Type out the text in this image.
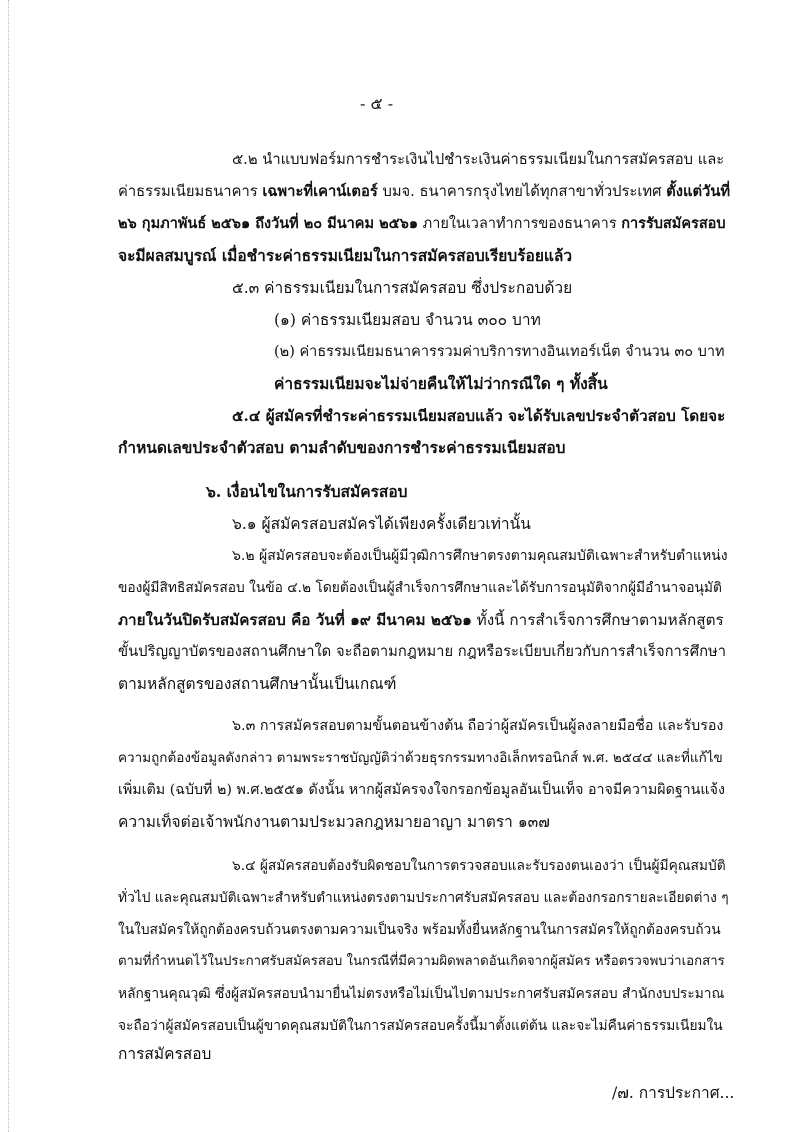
- ๕ -
๕.๒ นำแบบฟอร์มการชำระเงินไปชำระเงินค่าธรรมเนียมในการสมัครสอบ และ
ค่าธรรมเนียมธนาคาร เฉพาะที่เคาน์เตอร์ บมจ. ธนาคารกรุงไทยได้ทุกสาขาทั่วประเทศ ตั้งแต่วันที่
๒๖ กุมภาพันธ์ ๒๕๖๑ ถึงวันที่ ๒๐ มีนาคม ๒๕๖๑ ภายในเวลาทำการของธนาคาร การรับสมัครสอบ
จะมีผลสมบูรณ์ เมื่อชำระค่าธรรมเนียมในการสมัครสอบเรียบร้อยแล้ว
๕.๓ ค่าธรรมเนียมในการสมัครสอบ ซึ่งประกอบด้วย
(๑) ค่าธรรมเนียมสอบ จำนวน ๓๐๐ บาท
(๒) ค่าธรรมเนียมธนาคารรวมค่าบริการทางอินเทอร์เน็ต จำนวน ๓๐ บาท
ค่าธรรมเนียมจะไม่จ่ายคืนให้ไม่ว่ากรณีใด ๆ ทั้งสิ้น
๕.๔ ผู้สมัครที่ชำระค่าธรรมเนียมสอบแล้ว จะได้รับเลขประจำตัวสอบ โดยจะ
กำหนดเลขประจำตัวสอบ ตามลำดับของการชำระค่าธรรมเนียมสอบ
๖. เงื่อนไขในการรับสมัครสอบ
๖.๑ ผู้สมัครสอบสมัครได้เพียงครั้งเดียวเท่านั้น
๖.๒ ผู้สมัครสอบจะต้องเป็นผู้มีวุฒิการศึกษาตรงตามคุณสมบัติเฉพาะสำหรับตำแหน่ง
ของผู้มีสิทธิสมัครสอบ ในข้อ ๔.๒ โดยต้องเป็นผู้สำเร็จการศึกษาและได้รับการอนุมัติจากผู้มีอำนาจอนุมัติ
ภายในวันปิดรับสมัครสอบ คือ วันที่ ๑๙ มีนาคม ๒๕๖๑ ทั้งนี้ การสำเร็จการศึกษาตามหลักสูตร
ขั้นปริญญาบัตรของสถานศึกษาใด จะถือตามกฎหมาย กฎหรือระเบียบเกี่ยวกับการสำเร็จการศึกษา
ตามหลักสูตรของสถานศึกษานั้นเป็นเกณฑ์
๖.๓ การสมัครสอบตามขั้นตอนข้างต้น ถือว่าผู้สมัครเป็นผู้ลงลายมือชื่อ และรับรอง
ความถูกต้องข้อมูลดังกล่าว ตามพระราชบัญญัติว่าด้วยธุรกรรมทางอิเล็กทรอนิกส์ พ.ศ. ๒๕๔๔ และที่แก้ไข
เพิ่มเติม (ฉบับที่ ๒) พ.ศ.๒๕๕๑ ดังนั้น หากผู้สมัครจงใจกรอกข้อมูลอันเป็นเท็จ อาจมีความผิดฐานแจ้ง
ความเท็จต่อเจ้าพนักงานตามประมวลกฎหมายอาญา มาตรา ๑๓๗
๖.๔ ผู้สมัครสอบต้องรับผิดชอบในการตรวจสอบและรับรองตนเองว่า เป็นผู้มีคุณสมบัติ
ทั่วไป และคุณสมบัติเฉพาะสำหรับตำแหน่งตรงตามประกาศรับสมัครสอบ และต้องกรอกรายละเอียดต่าง ๆ
ในใบสมัครให้ถูกต้องครบถ้วนตรงตามความเป็นจริง พร้อมทั้งยื่นหลักฐานในการสมัครให้ถูกต้องครบถ้วน
ตามที่กำหนดไว้ในประกาศรับสมัครสอบ ในกรณีที่มีความผิดพลาดอันเกิดจากผู้สมัคร หรือตรวจพบว่าเอกสาร
หลักฐานคุณวุฒิ ซึ่งผู้สมัครสอบนำมายื่นไม่ตรงหรือไม่เป็นไปตามประกาศรับสมัครสอบ สำนักงบประมาณ
จะถือว่าผู้สมัครสอบเป็นผู้ขาดคุณสมบัติในการสมัครสอบครั้งนี้มาตั้งแต่ต้น และจะไม่คืนค่าธรรมเนียมใน
การสมัครสอบ
/๗. การประกาศ...
